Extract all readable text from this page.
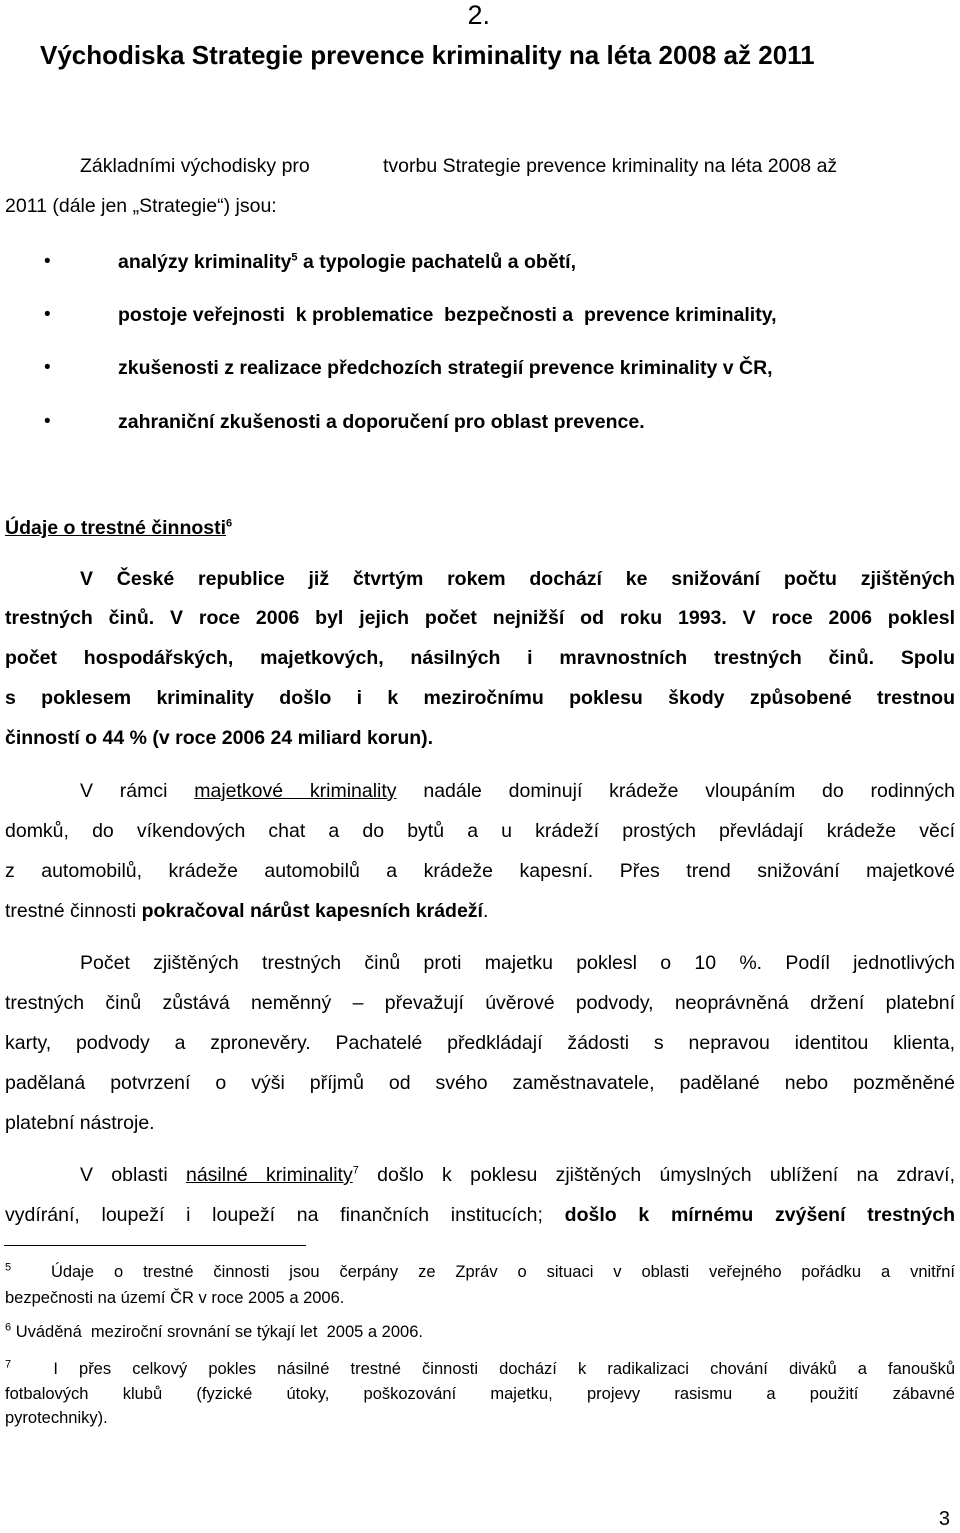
2.
Východiska Strategie prevence kriminality na léta 2008 až 2011
Základními východisky pro	tvorbu Strategie prevence kriminality na léta 2008 až
2011 (dále jen „Strategie“) jsou:
•	analýzy kriminality$^5$ a typologie pachatelů a obětí,
•	postoje veřejnosti  k problematice  bezpečnosti a  prevence kriminality,
•	zkušenosti z realizace předchozích strategií prevence kriminality v ČR,
•	zahraniční zkušenosti a doporučení pro oblast prevence.
Údaje o trestné činnosti$^6$
V České republice již čtvrtým rokem dochází ke snižování počtu zjištěných
trestných činů. V roce 2006 byl jejich počet nejnižší od roku 1993. V roce 2006 poklesl
počet hospodářských, majetkových, násilných i mravnostních trestných činů. Spolu
s poklesem kriminality došlo i k meziročnímu poklesu škody způsobené trestnou
činností o 44 % (v roce 2006 24 miliard korun).
V rámci majetkové kriminality nadále dominují krádeže vloupáním do rodinných
domků, do víkendových chat a do bytů a u krádeží prostých převládají krádeže věcí
z automobilů, krádeže automobilů a krádeže kapesní. Přes trend snižování majetkové
trestné činnosti pokračoval nárůst kapesních krádeží.
Počet zjištěných trestných činů proti majetku poklesl o 10 %. Podíl jednotlivých
trestných činů zůstává neměnný – převažují úvěrové podvody, neoprávněná držení platební
karty, podvody a zpronevěry. Pachatelé předkládají žádosti s nepravou identitou klienta,
padělaná potvrzení o výši příjmů od svého zaměstnavatele, padělané nebo pozměněné
platební nástroje.
V oblasti násilné kriminality$^7$ došlo k poklesu zjištěných úmyslných ublížení na zdraví,
vydírání, loupeží i loupeží na finančních institucích; došlo k mírnému zvýšení trestných
$^5$ Údaje o trestné činnosti jsou čerpány ze Zpráv o situaci v oblasti veřejného pořádku a vnitřní
bezpečnosti na území ČR v roce 2005 a 2006.
$^6$ Uváděná  meziroční srovnání se týkají let  2005 a 2006.
$^7$	I přes celkový pokles násilné trestné činnosti dochází k radikalizaci chování diváků a fanoušků
fotbalových klubů (fyzické útoky, poškozování majetku, projevy rasismu a použití zábavné
pyrotechniky).
3
